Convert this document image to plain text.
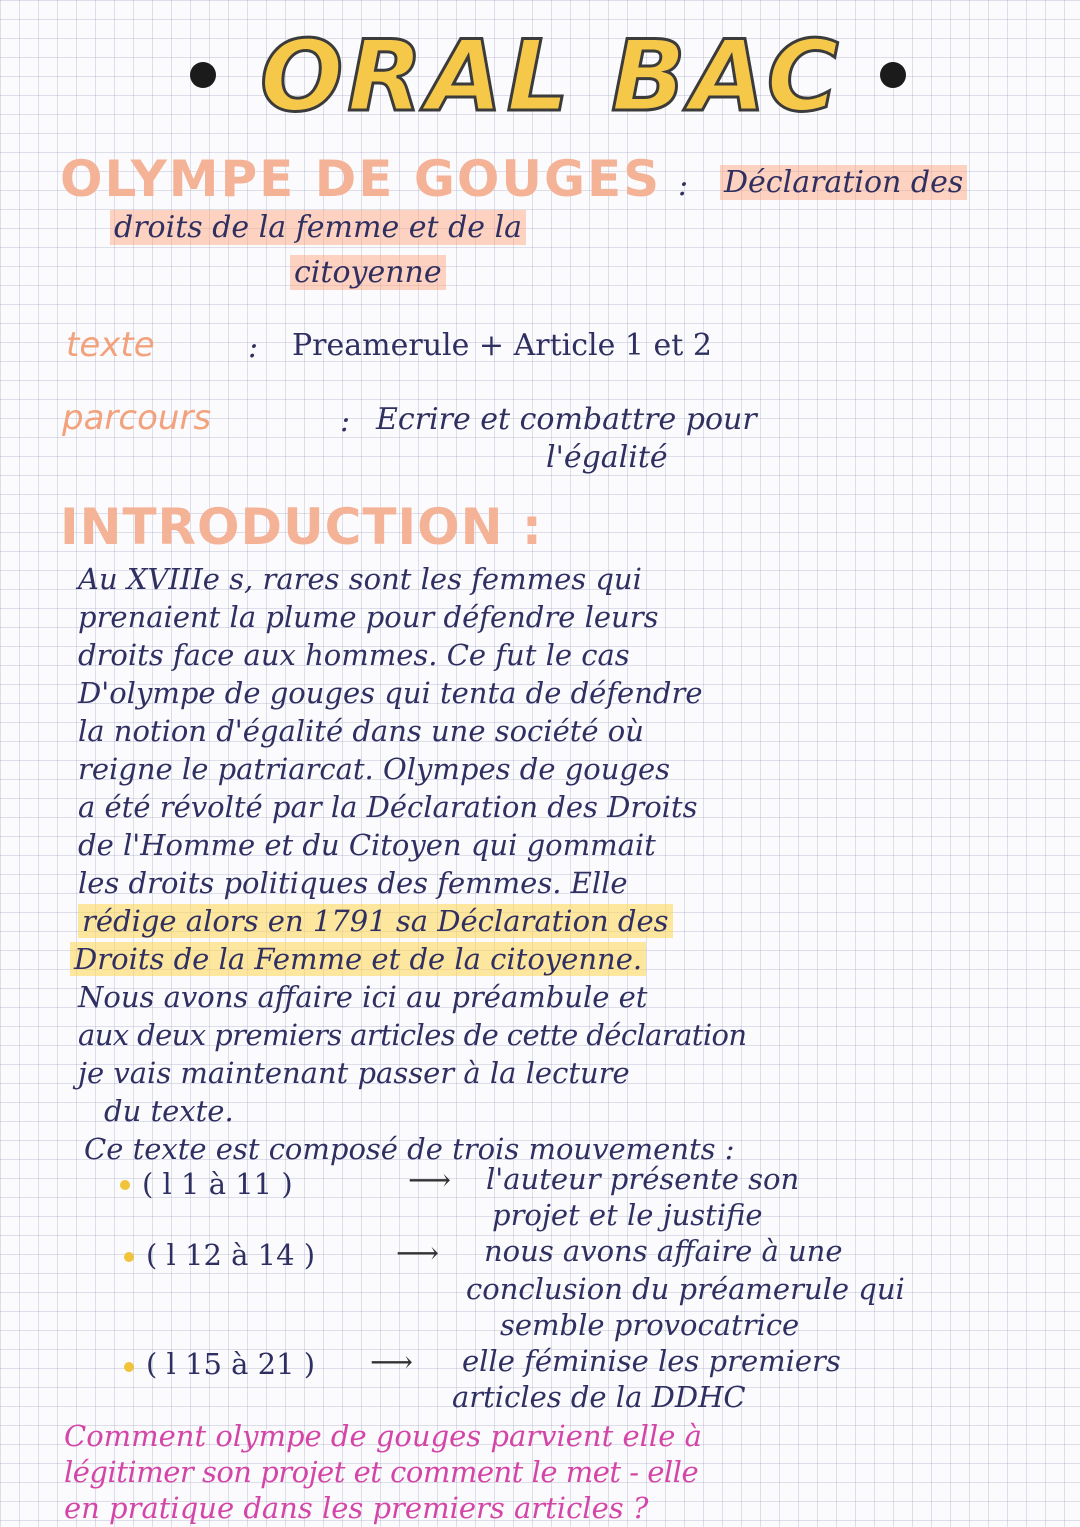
ORAL BAC
OLYMPE DE GOUGES : Déclaration des
droits de la femme et de la
citoyenne
texte	: Preamerule + Article 1 et 2
parcours	: Ecrire et combattre pour
l'égalité
INTRODUCTION :
Au XVIIIe s, rares sont les femmes qui
prenaient la plume pour défendre leurs
droits face aux hommes. Ce fut le cas
D'olympe de gouges qui tenta de défendre
la notion d'égalité dans une société où
reigne le patriarcat. Olympes de gouges
a été révolté par la Déclaration des Droits
de l'Homme et du Citoyen qui gommait
les droits politiques des femmes. Elle
rédige alors en 1791 sa Déclaration des
Droits de la Femme et de la citoyenne.
Nous avons affaire ici au préambule et
aux deux premiers articles de cette déclaration
je vais maintenant passer à la lecture
du texte.
Ce texte est composé de trois mouvements :
( l 1 à 11 )	⟶ l'auteur présente son
projet et le justifie
( l 12 à 14 )	⟶ nous avons affaire à une
conclusion du préamerule qui
semble provocatrice
( l 15 à 21 ) ⟶ elle féminise les premiers
articles de la DDHC
Comment olympe de gouges parvient elle à
légitimer son projet et comment le met - elle
en pratique dans les premiers articles ?
